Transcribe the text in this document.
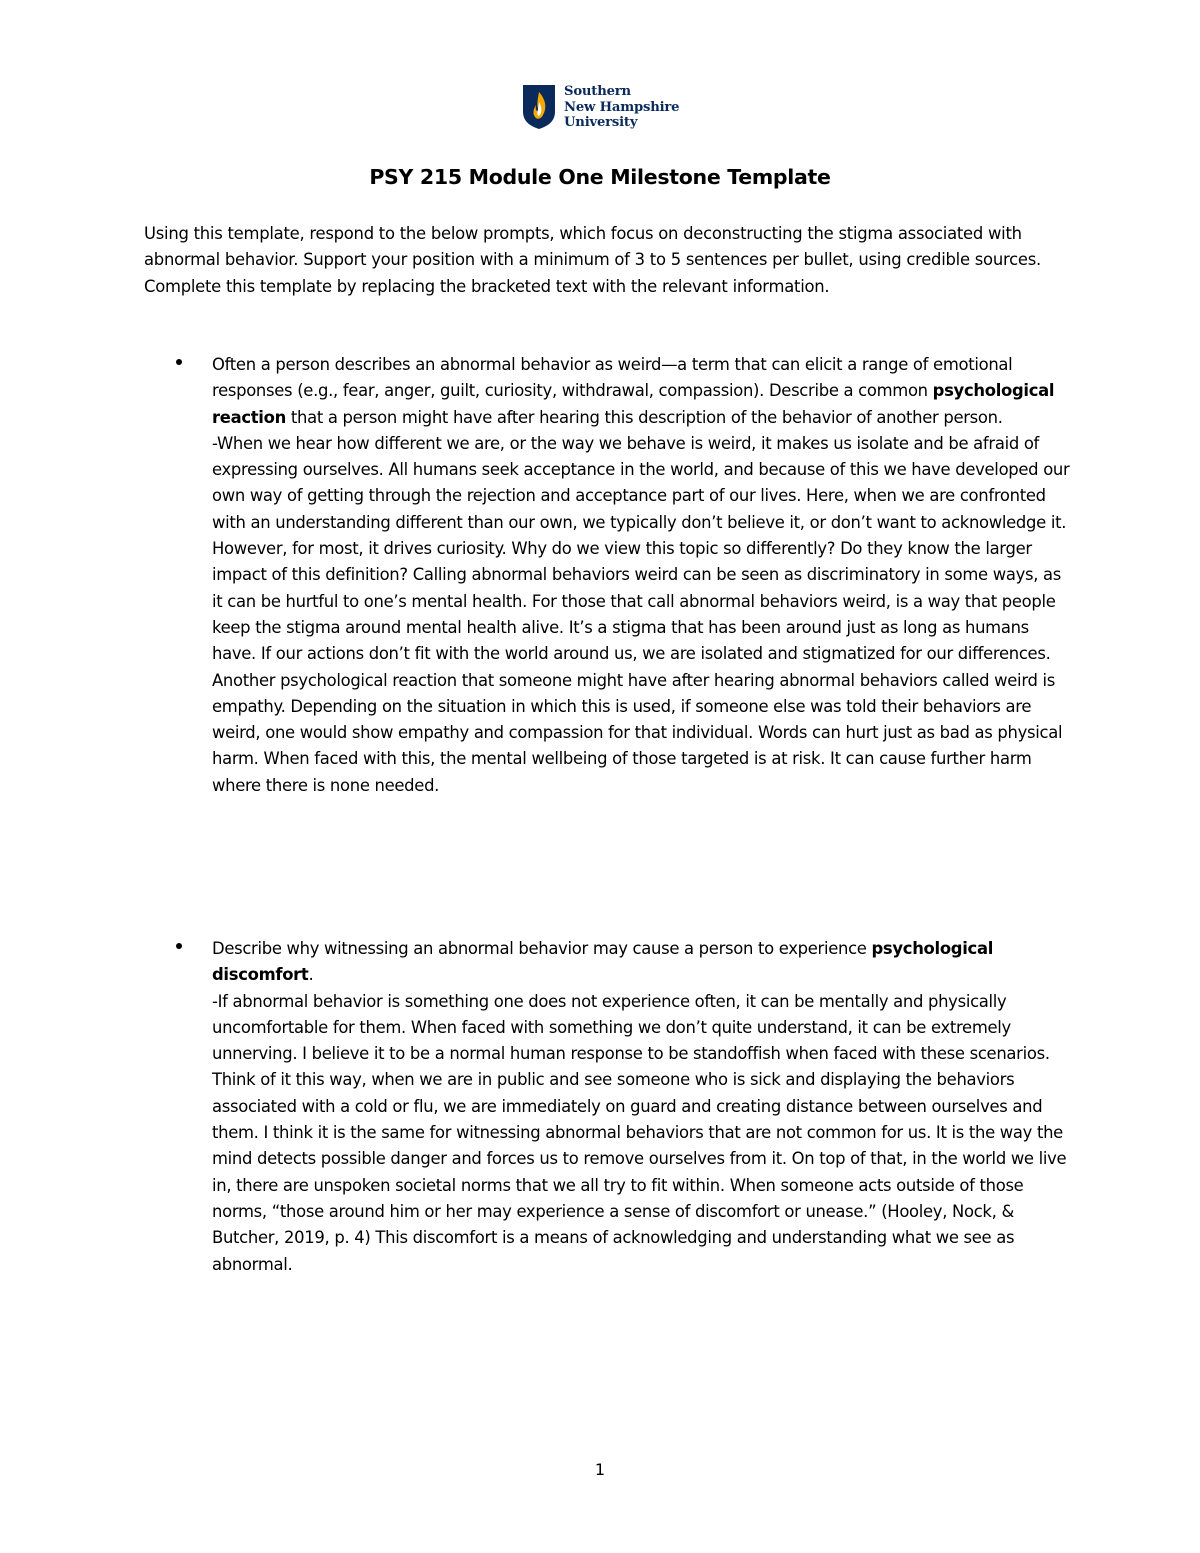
Southern
New Hampshire
University
PSY 215 Module One Milestone Template

Using this template, respond to the below prompts, which focus on deconstructing the stigma associated with abnormal behavior. Support your position with a minimum of 3 to 5 sentences per bullet, using credible sources. Complete this template by replacing the bracketed text with the relevant information.

Often a person describes an abnormal behavior as weird—a term that can elicit a range of emotional responses (e.g., fear, anger, guilt, curiosity, withdrawal, compassion). Describe a common psychological reaction that a person might have after hearing this description of the behavior of another person.

-When we hear how different we are, or the way we behave is weird, it makes us isolate and be afraid of expressing ourselves. All humans seek acceptance in the world, and because of this we have developed our own way of getting through the rejection and acceptance part of our lives. Here, when we are confronted with an understanding different than our own, we typically don’t believe it, or don’t want to acknowledge it. However, for most, it drives curiosity. Why do we view this topic so differently? Do they know the larger impact of this definition? Calling abnormal behaviors weird can be seen as discriminatory in some ways, as it can be hurtful to one’s mental health. For those that call abnormal behaviors weird, is a way that people keep the stigma around mental health alive. It’s a stigma that has been around just as long as humans have. If our actions don’t fit with the world around us, we are isolated and stigmatized for our differences. Another psychological reaction that someone might have after hearing abnormal behaviors called weird is empathy. Depending on the situation in which this is used, if someone else was told their behaviors are weird, one would show empathy and compassion for that individual. Words can hurt just as bad as physical harm. When faced with this, the mental wellbeing of those targeted is at risk. It can cause further harm where there is none needed.

Describe why witnessing an abnormal behavior may cause a person to experience psychological discomfort.

-If abnormal behavior is something one does not experience often, it can be mentally and physically uncomfortable for them. When faced with something we don’t quite understand, it can be extremely unnerving. I believe it to be a normal human response to be standoffish when faced with these scenarios. Think of it this way, when we are in public and see someone who is sick and displaying the behaviors associated with a cold or flu, we are immediately on guard and creating distance between ourselves and them. I think it is the same for witnessing abnormal behaviors that are not common for us. It is the way the mind detects possible danger and forces us to remove ourselves from it. On top of that, in the world we live in, there are unspoken societal norms that we all try to fit within. When someone acts outside of those norms, “those around him or her may experience a sense of discomfort or unease.” (Hooley, Nock, & Butcher, 2019, p. 4) This discomfort is a means of acknowledging and understanding what we see as abnormal.

1
